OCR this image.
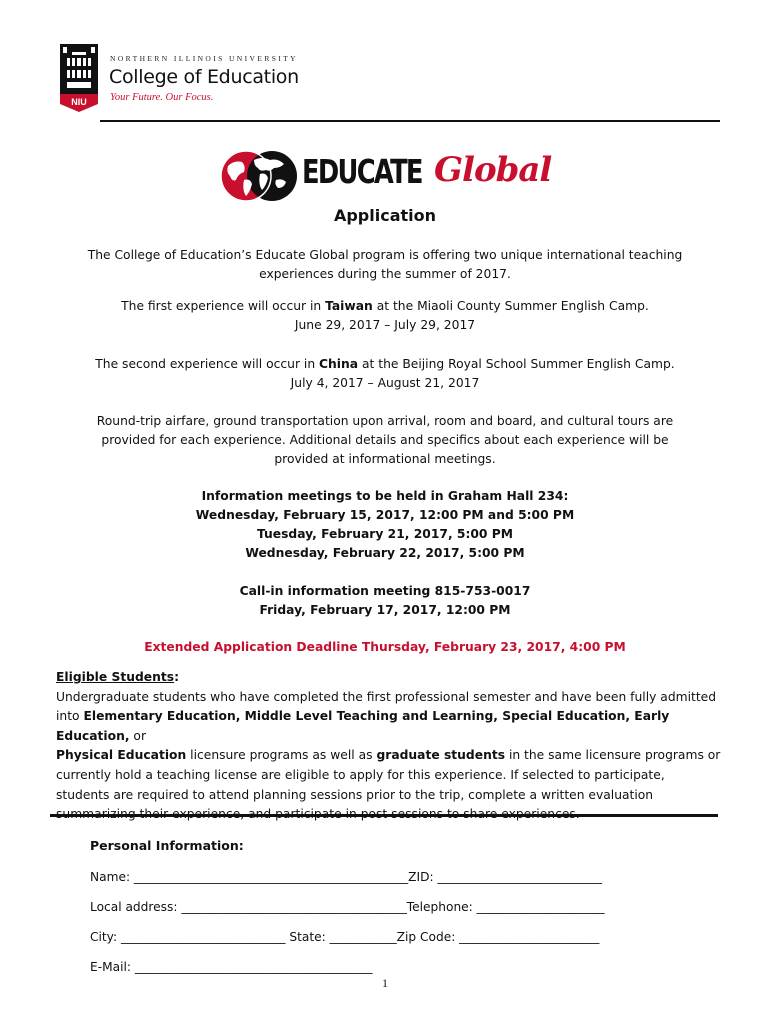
NIU
NORTHERN ILLINOIS UNIVERSITY
College of Education
Your Future. Our Focus.
EDUCATE Global
Application
The College of Education’s Educate Global program is offering two unique international teaching
experiences during the summer of 2017.
The first experience will occur in Taiwan at the Miaoli County Summer English Camp.
June 29, 2017 – July 29, 2017
The second experience will occur in China at the Beijing Royal School Summer English Camp.
July 4, 2017 – August 21, 2017
Round-trip airfare, ground transportation upon arrival, room and board, and cultural tours are
provided for each experience. Additional details and specifics about each experience will be
provided at informational meetings.
Information meetings to be held in Graham Hall 234:
Wednesday, February 15, 2017, 12:00 PM and 5:00 PM
Tuesday, February 21, 2017, 5:00 PM
Wednesday, February 22, 2017, 5:00 PM
Call-in information meeting 815-753-0017
Friday, February 17, 2017, 12:00 PM
Extended Application Deadline Thursday, February 23, 2017, 4:00 PM
Eligible Students:
Undergraduate students who have completed the first professional semester and have been fully admitted
into Elementary Education, Middle Level Teaching and Learning, Special Education, Early Education, or
Physical Education licensure programs as well as graduate students in the same licensure programs or
currently hold a teaching license are eligible to apply for this experience. If selected to participate,
students are required to attend planning sessions prior to the trip, complete a written evaluation
Personal Information:
Name: _____________________________________________ZID: ___________________________
Local address: _____________________________________Telephone: _____________________
City: ___________________________ State: ___________Zip Code: _______________________
E-Mail: _______________________________________
1
